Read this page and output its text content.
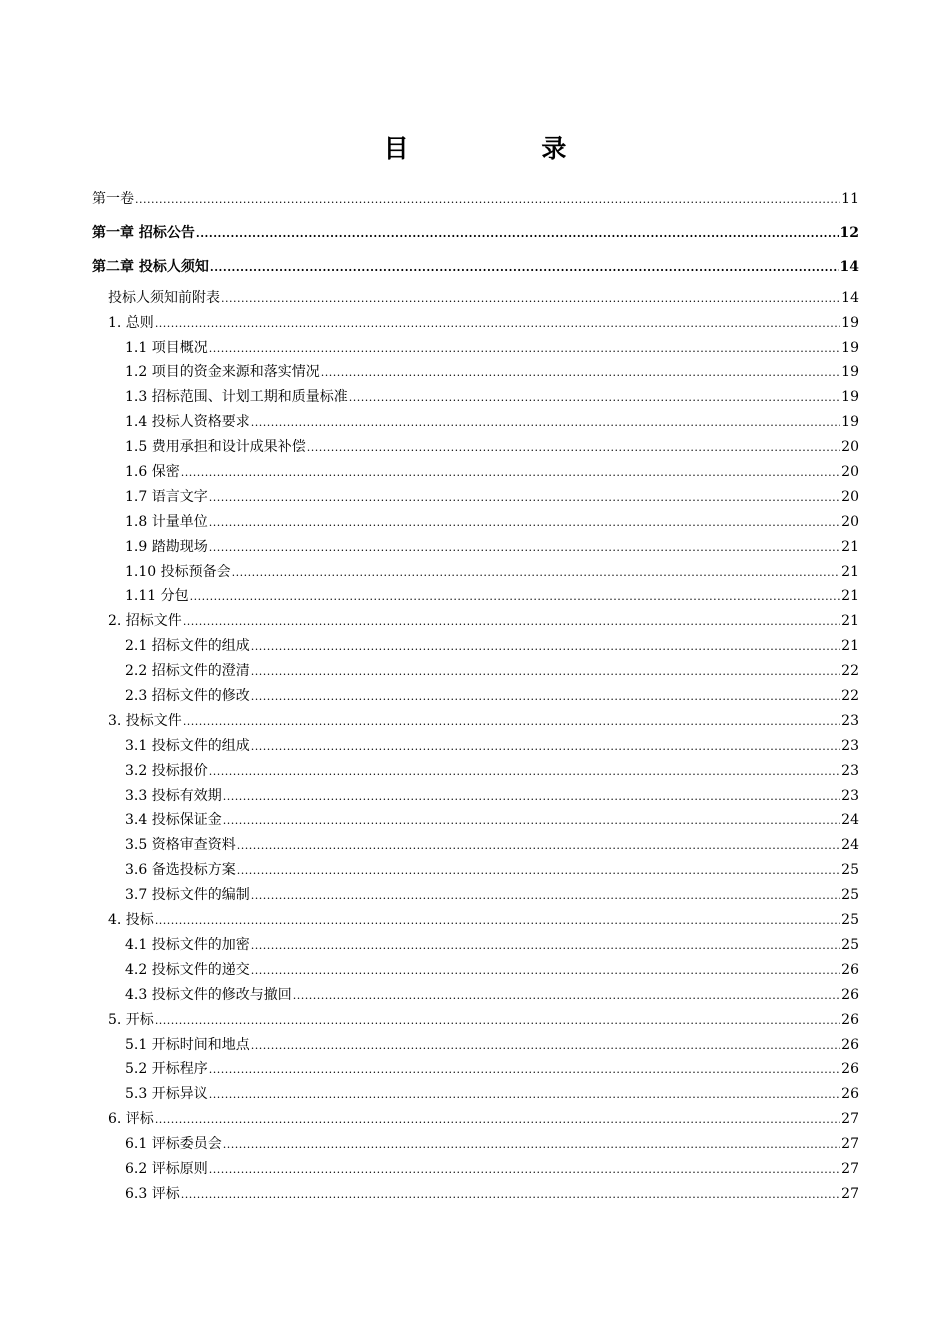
目 录
第一卷 .....	11
第一章 招标公告 .....	12
第二章 投标人须知 .....	14
投标人须知前附表 .....	14
1. 总则 .....	19
1.1 项目概况 .....	19
1.2 项目的资金来源和落实情况 .....	19
1.3 招标范围、计划工期和质量标准 .....	19
1.4 投标人资格要求 .....	19
1.5 费用承担和设计成果补偿 .....	20
1.6 保密 .....	20
1.7 语言文字 .....	20
1.8 计量单位 .....	20
1.9 踏勘现场 .....	21
1.10 投标预备会 .....	21
1.11 分包 .....	21
2. 招标文件 .....	21
2.1 招标文件的组成 .....	21
2.2 招标文件的澄清 .....	22
2.3 招标文件的修改 .....	22
3. 投标文件 .....	23
3.1 投标文件的组成 .....	23
3.2 投标报价 .....	23
3.3 投标有效期 .....	23
3.4 投标保证金 .....	24
3.5 资格审查资料 .....	24
3.6 备选投标方案 .....	25
3.7 投标文件的编制 .....	25
4. 投标 .....	25
4.1 投标文件的加密 .....	25
4.2 投标文件的递交 .....	26
4.3 投标文件的修改与撤回 .....	26
5. 开标 .....	26
5.1 开标时间和地点 .....	26
5.2 开标程序 .....	26
5.3 开标异议 .....	26
6. 评标 .....	27
6.1 评标委员会 .....	27
6.2 评标原则 .....	27
6.3 评标 .....	27
